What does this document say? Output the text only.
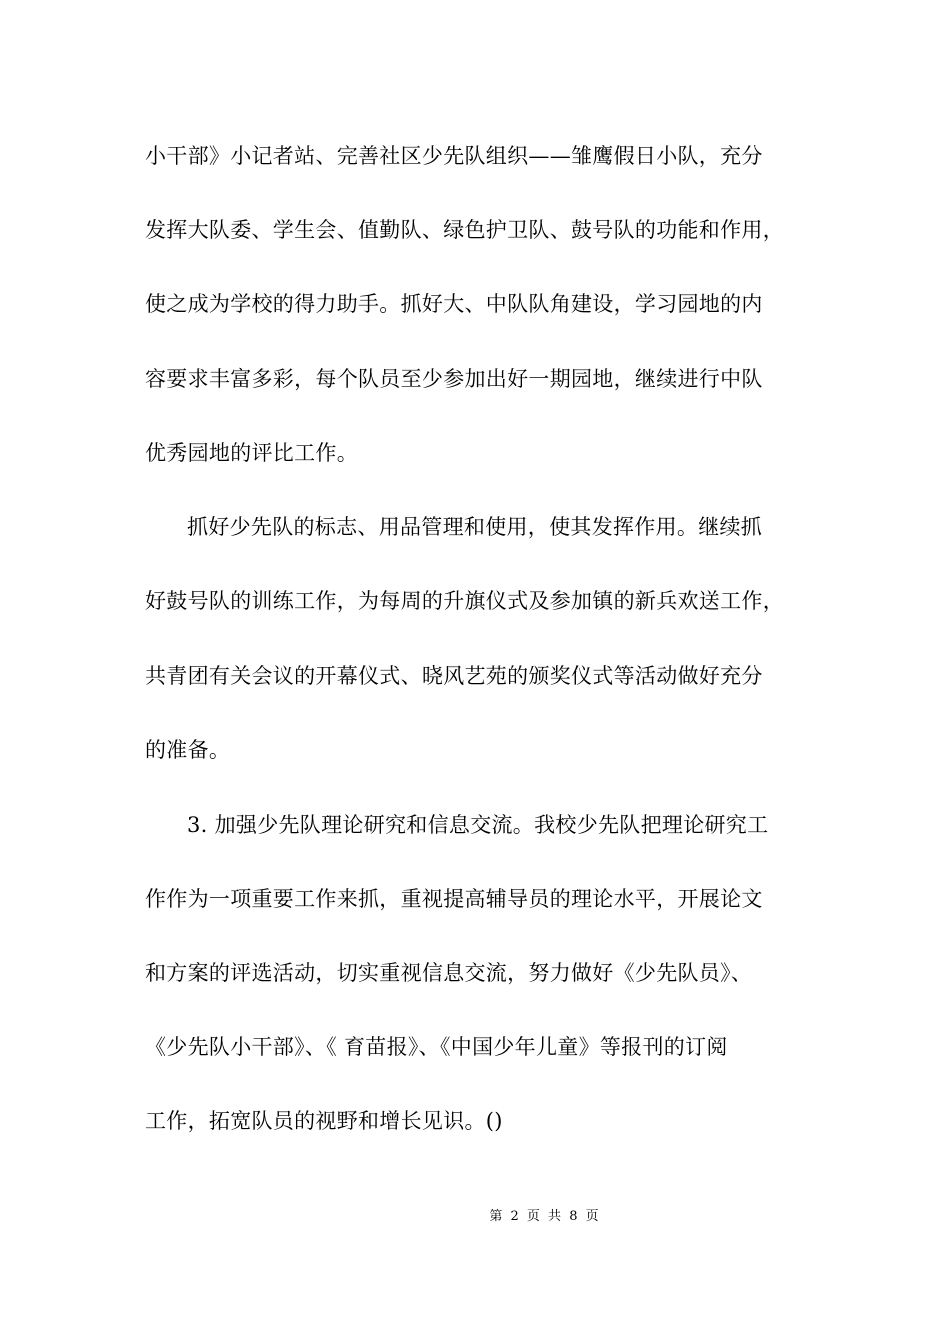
小干部》小记者站、完善社区少先队组织——雏鹰假日小队，充分
发挥大队委、学生会、值勤队、绿色护卫队、鼓号队的功能和作用，
使之成为学校的得力助手。抓好大、中队队角建设，学习园地的内
容要求丰富多彩，每个队员至少参加出好一期园地，继续进行中队
优秀园地的评比工作。
抓好少先队的标志、用品管理和使用，使其发挥作用。继续抓
好鼓号队的训练工作，为每周的升旗仪式及参加镇的新兵欢送工作，
共青团有关会议的开幕仪式、晓风艺苑的颁奖仪式等活动做好充分
的准备。
3. 加强少先队理论研究和信息交流。我校少先队把理论研究工
作作为一项重要工作来抓，重视提高辅导员的理论水平，开展论文
和方案的评选活动，切实重视信息交流，努力做好《少先队员》、
《少先队小干部》、《 育苗报》、《中国少年儿童》等报刊的订阅
工作，拓宽队员的视野和增长见识。()
第 2 页 共 8 页
